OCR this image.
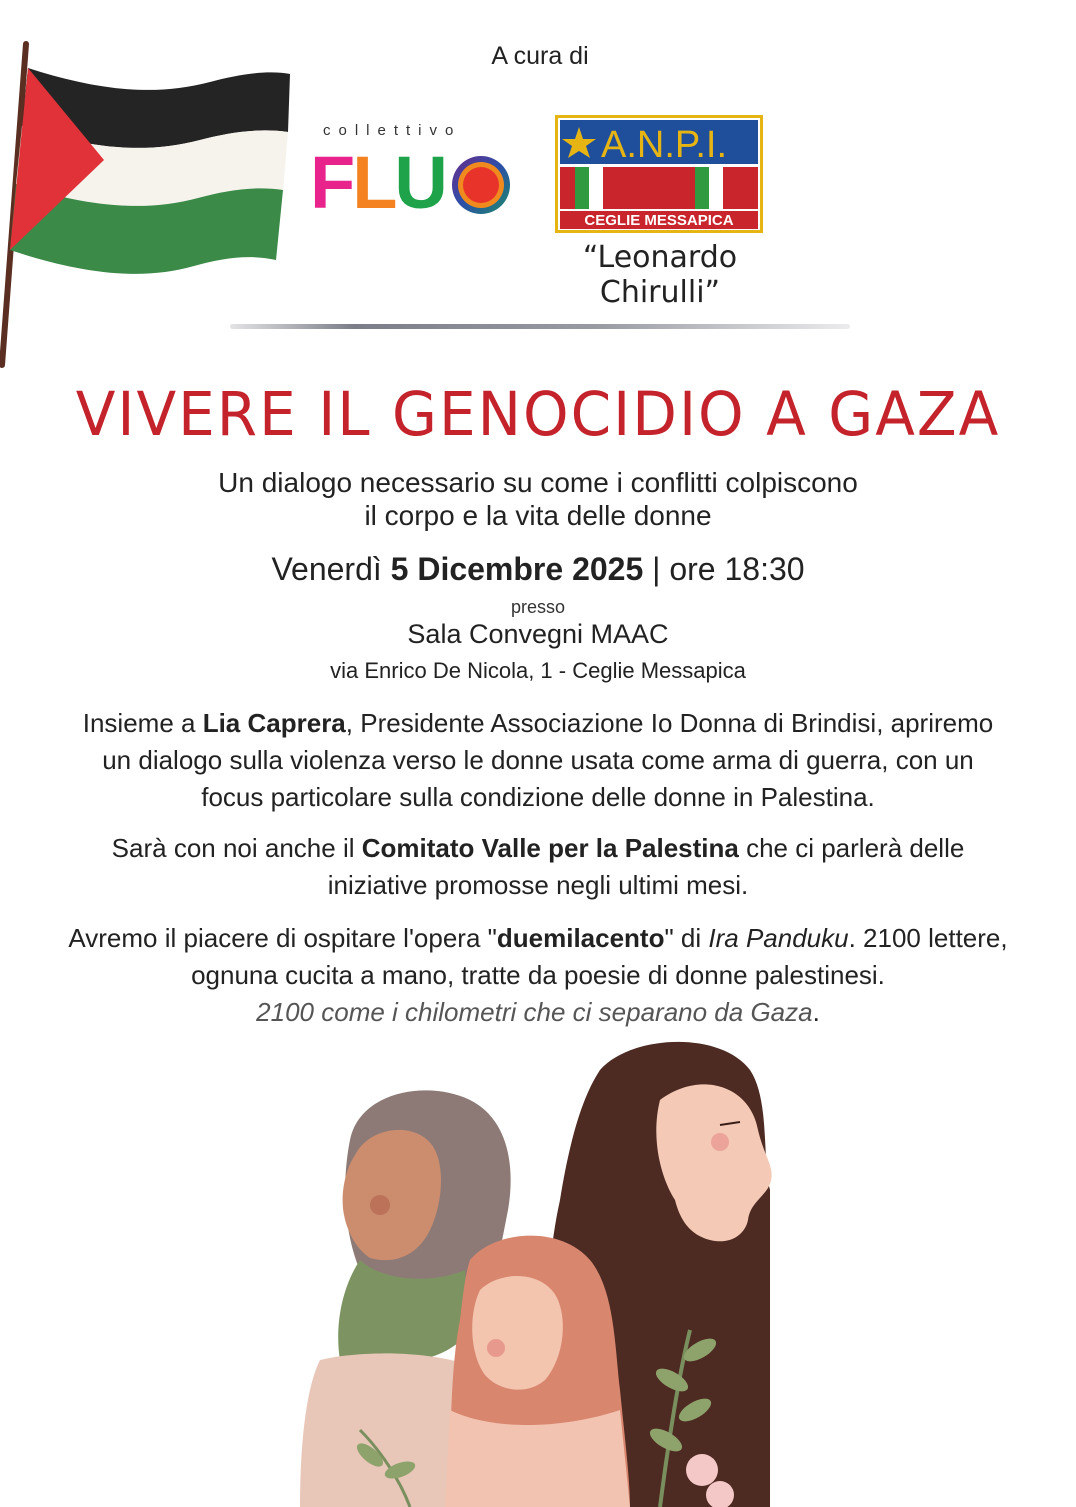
A cura di
collettivo
FLU	A.N.P.I.
CEGLIE MESSAPICA
“Leonardo Chirulli”
VIVERE IL GENOCIDIO A GAZA
Un dialogo necessario su come i conflitti colpiscono
il corpo e la vita delle donne
Venerdì 5 Dicembre 2025 | ore 18:30
presso
Sala Convegni MAAC
via Enrico De Nicola, 1 - Ceglie Messapica
Insieme a Lia Caprera, Presidente Associazione Io Donna di Brindisi, apriremo
un dialogo sulla violenza verso le donne usata come arma di guerra, con un
focus particolare sulla condizione delle donne in Palestina.
Sarà con noi anche il Comitato Valle per la Palestina che ci parlerà delle
iniziative promosse negli ultimi mesi.
Avremo il piacere di ospitare l'opera "duemilacento" di Ira Panduku. 2100 lettere,
ognuna cucita a mano, tratte da poesie di donne palestinesi.
2100 come i chilometri che ci separano da Gaza.
